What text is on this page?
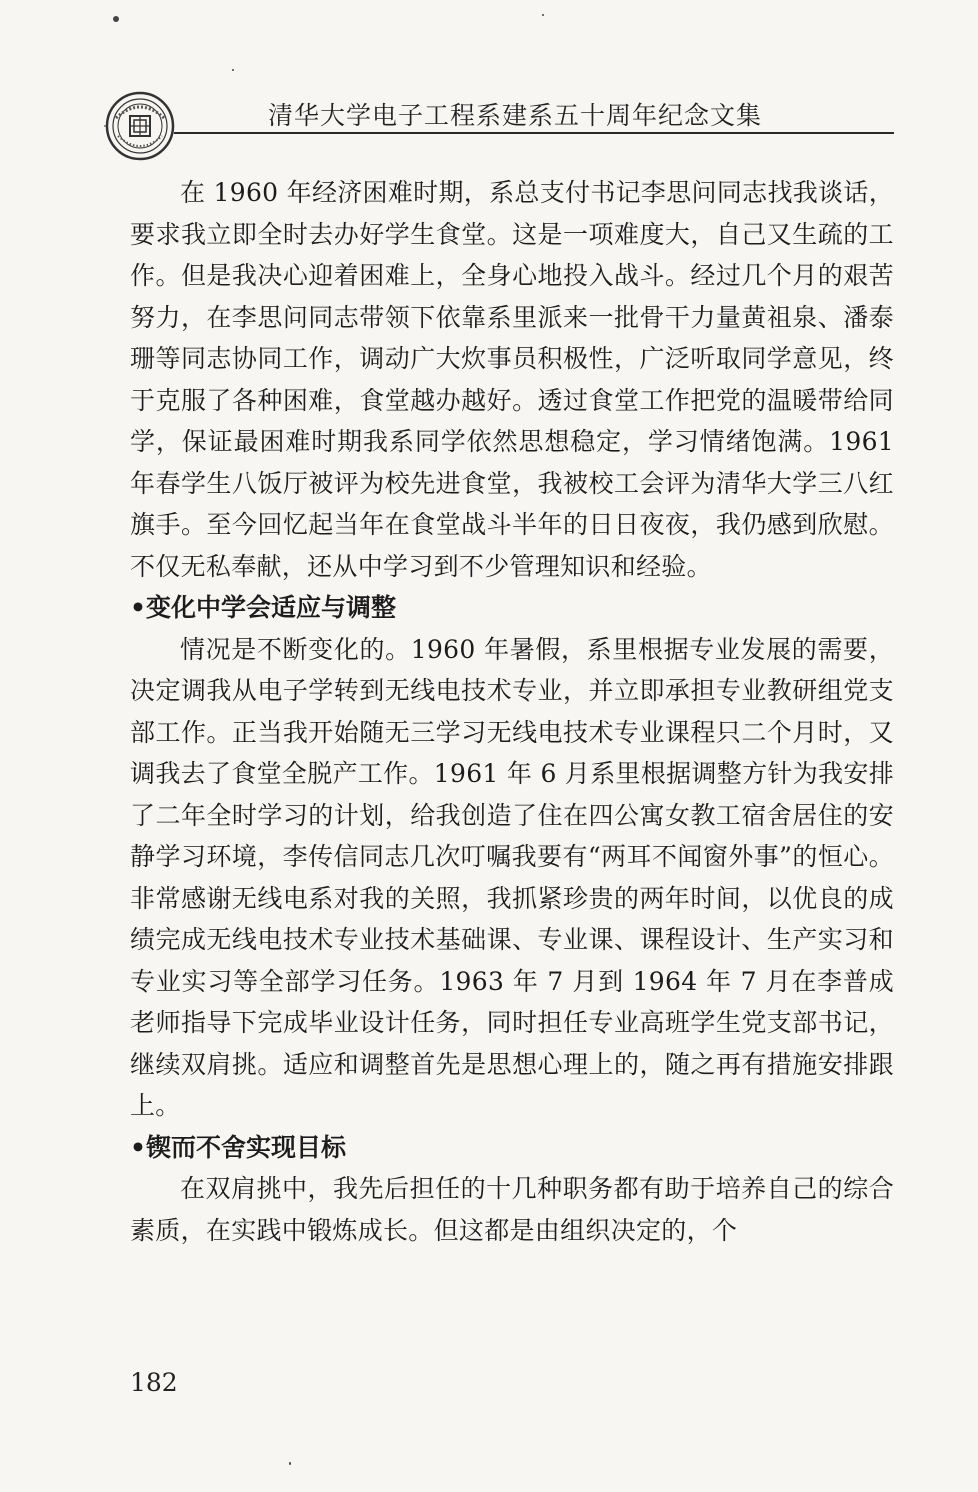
清华大学电子工程系建系五十周年纪念文集

在 1960 年经济困难时期，系总支付书记李思问同志找我谈话，要求我立即全时去办好学生食堂。这是一项难度大，自己又生疏的工作。但是我决心迎着困难上，全身心地投入战斗。经过几个月的艰苦努力，在李思问同志带领下依靠系里派来一批骨干力量黄祖泉、潘泰珊等同志协同工作，调动广大炊事员积极性，广泛听取同学意见，终于克服了各种困难，食堂越办越好。透过食堂工作把党的温暖带给同学，保证最困难时期我系同学依然思想稳定，学习情绪饱满。1961 年春学生八饭厅被评为校先进食堂，我被校工会评为清华大学三八红旗手。至今回忆起当年在食堂战斗半年的日日夜夜，我仍感到欣慰。不仅无私奉献，还从中学习到不少管理知识和经验。

•变化中学会适应与调整

情况是不断变化的。1960 年暑假，系里根据专业发展的需要，决定调我从电子学转到无线电技术专业，并立即承担专业教研组党支部工作。正当我开始随无三学习无线电技术专业课程只二个月时，又调我去了食堂全脱产工作。1961 年 6 月系里根据调整方针为我安排了二年全时学习的计划，给我创造了住在四公寓女教工宿舍居住的安静学习环境，李传信同志几次叮嘱我要有“两耳不闻窗外事”的恒心。非常感谢无线电系对我的关照，我抓紧珍贵的两年时间，以优良的成绩完成无线电技术专业技术基础课、专业课、课程设计、生产实习和专业实习等全部学习任务。1963 年 7 月到 1964 年 7 月在李普成老师指导下完成毕业设计任务，同时担任专业高班学生党支部书记，继续双肩挑。适应和调整首先是思想心理上的，随之再有措施安排跟上。

•锲而不舍实现目标

在双肩挑中，我先后担任的十几种职务都有助于培养自己的综合素质，在实践中锻炼成长。但这都是由组织决定的，个

182
